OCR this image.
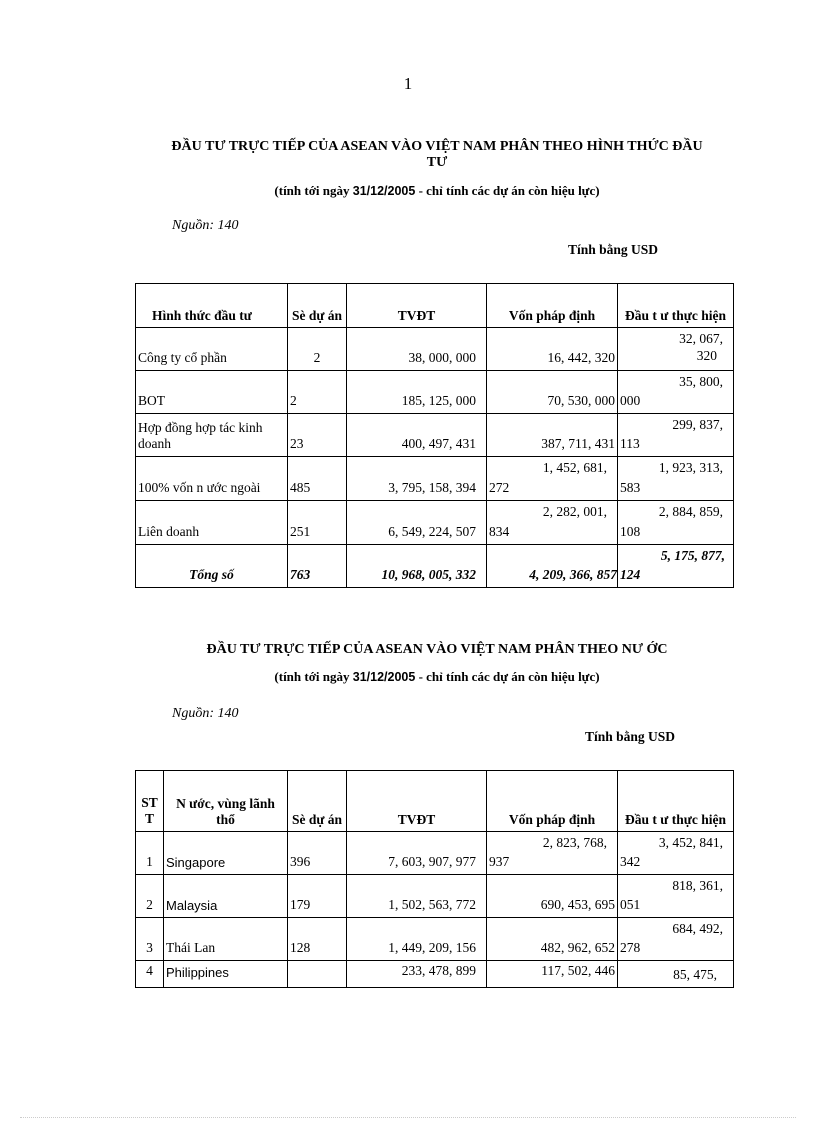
1
ĐẦU TƯ TRỰC TIẾP CỦA ASEAN VÀO VIỆT NAM PHÂN THEO HÌNH THỨC ĐẦU
TƯ
(tính tới ngày 31/12/2005 - chỉ tính các dự án còn hiệu lực)
Nguồn: 140
Tính bằng USD
Hình thức đầu tư	Sè dự án	TVĐT	Vốn pháp định	Đầu t ư thực hiện
Công ty cổ phần	2	38, 000, 000	16, 442, 320	32, 067,
320

BOT	2	185, 125, 000	70, 530, 000	35, 800,
000

Hợp đồng hợp tác kinh doanh	23	400, 497, 431	387, 711, 431	299, 837,
113

100% vốn n ước ngoài	485	3, 795, 158, 394	1, 452, 681,
272	1, 923, 313,
583

Liên doanh	251	6, 549, 224, 507	2, 282, 001,
834	2, 884, 859,
108

Tổng số	763	10, 968, 005, 332	4, 209, 366, 857	5, 175, 877,
124
ĐẦU TƯ TRỰC TIẾP CỦA ASEAN VÀO VIỆT NAM PHÂN THEO NƯ ỚC
(tính tới ngày 31/12/2005 - chỉ tính các dự án còn hiệu lực)
Nguồn: 140
Tính bằng USD
ST T	N ước, vùng lãnh thổ	Sè dự án	TVĐT	Vốn pháp định	Đầu t ư thực hiện
1	Singapore	396	7, 603, 907, 977	2, 823, 768,
937	3, 452, 841,
342

2	Malaysia	179	1, 502, 563, 772	690, 453, 695	818, 361,
051

3	Thái Lan	128	1, 449, 209, 156	482, 962, 652	684, 492,
278

4	Philippines		233, 478, 899	117, 502, 446	85, 475,
